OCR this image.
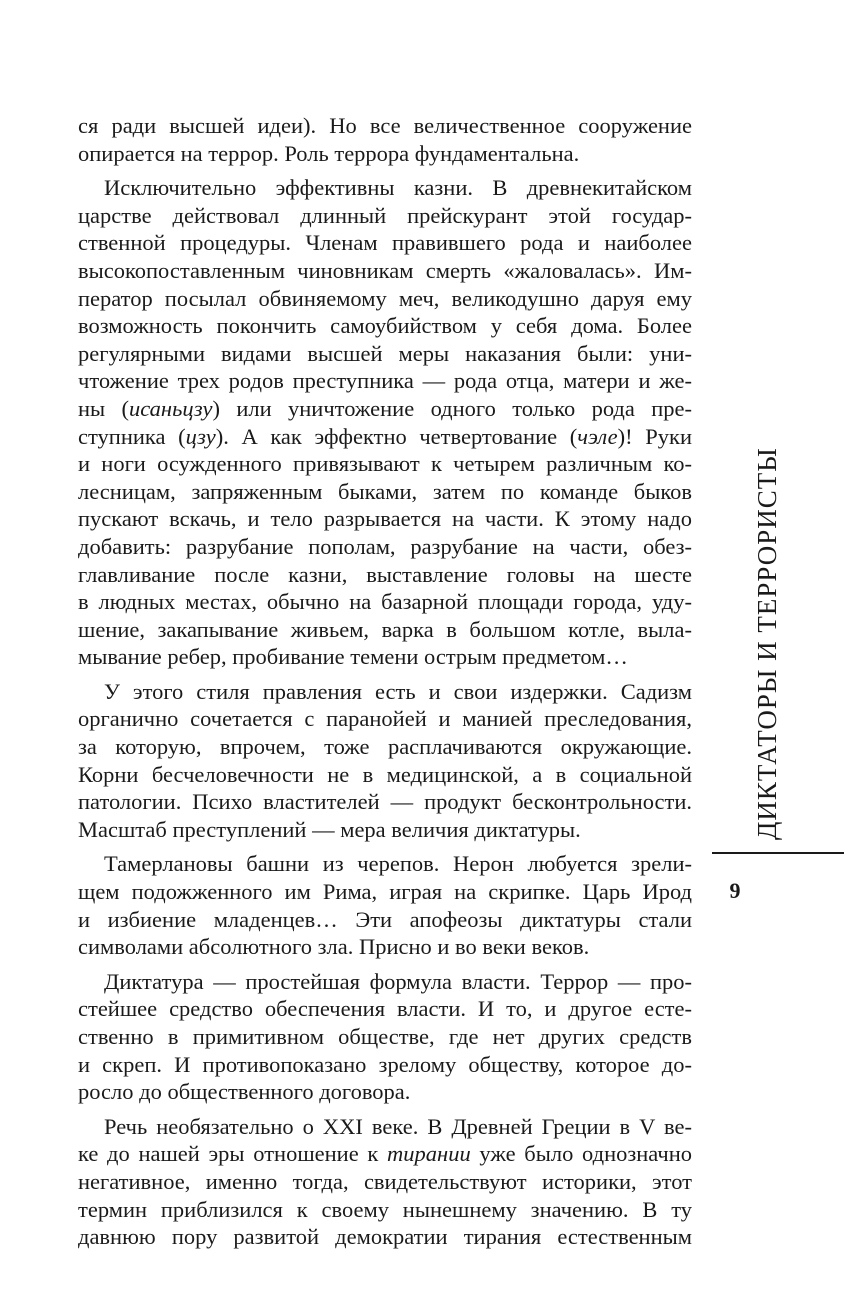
ся ради высшей идеи). Но все величественное сооружение
опирается на террор. Роль террора фундаментальна.
Исключительно эффективны казни. В древнекитайском
царстве действовал длинный прейскурант этой государ-
ственной процедуры. Членам правившего рода и наиболее
высокопоставленным чиновникам смерть «жаловалась». Им-
ператор посылал обвиняемому меч, великодушно даруя ему
возможность покончить самоубийством у себя дома. Более
регулярными видами высшей меры наказания были: уни-
чтожение трех родов преступника — рода отца, матери и же-
ны (исаньцзу) или уничтожение одного только рода пре-
ступника (цзу). А как эффектно четвертование (чэле)! Руки
и ноги осужденного привязывают к четырем различным ко-
лесницам, запряженным быками, затем по команде быков
пускают вскачь, и тело разрывается на части. К этому надо
добавить: разрубание пополам, разрубание на части, обез-
главливание после казни, выставление головы на шесте
в людных местах, обычно на базарной площади города, уду-
шение, закапывание живьем, варка в большом котле, выла-
мывание ребер, пробивание темени острым предметом…
У этого стиля правления есть и свои издержки. Садизм
органично сочетается с паранойей и манией преследования,
за которую, впрочем, тоже расплачиваются окружающие.
Корни бесчеловечности не в медицинской, а в социальной
патологии. Психо властителей — продукт бесконтрольности.
Масштаб преступлений — мера величия диктатуры.
Тамерлановы башни из черепов. Нерон любуется зрели-
щем подожженного им Рима, играя на скрипке. Царь Ирод
и избиение младенцев… Эти апофеозы диктатуры стали
символами абсолютного зла. Присно и во веки веков.
Диктатура — простейшая формула власти. Террор — про-
стейшее средство обеспечения власти. И то, и другое есте-
ственно в примитивном обществе, где нет других средств
и скреп. И противопоказано зрелому обществу, которое до-
росло до общественного договора.
Речь необязательно о XXI веке. В Древней Греции в V ве-
ке до нашей эры отношение к тирании уже было однозначно
негативное, именно тогда, свидетельствуют историки, этот
термин приблизился к своему нынешнему значению. В ту
давнюю пору развитой демократии тирания естественным
ДИКТАТОРЫ И ТЕРРОРИСТЫ
9
